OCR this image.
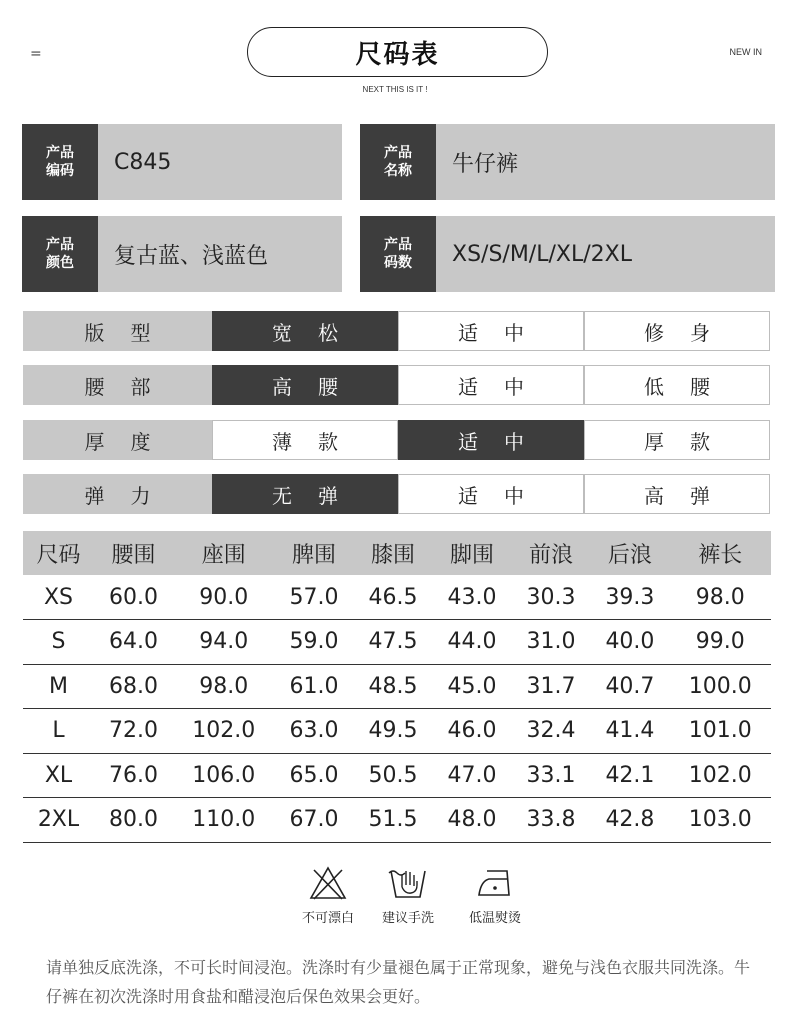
=	尺码表	NEW IN
NEXT THIS IS IT !
产品编码	C845	产品名称	牛仔裤
产品颜色	复古蓝、浅蓝色	产品码数	XS/S/M/L/XL/2XL
版型	宽松	适中	修身
腰部	高腰	适中	低腰
厚度	薄款	适中	厚款
弹力	无弹	适中	高弹
尺码	腰围	座围	脾围	膝围	脚围	前浪	后浪	裤长
XS	60.0	90.0	57.0	46.5	43.0	30.3	39.3	98.0
S	64.0	94.0	59.0	47.5	44.0	31.0	40.0	99.0
M	68.0	98.0	61.0	48.5	45.0	31.7	40.7	100.0
L	72.0	102.0	63.0	49.5	46.0	32.4	41.4	101.0
XL	76.0	106.0	65.0	50.5	47.0	33.1	42.1	102.0
2XL	80.0	110.0	67.0	51.5	48.0	33.8	42.8	103.0
不可漂白	建议手洗	低温熨烫
请单独反底洗涤，不可长时间浸泡。洗涤时有少量褪色属于正常现象，避免与浅色衣服共同洗涤。牛仔裤在初次洗涤时用食盐和醋浸泡后保色效果会更好。
